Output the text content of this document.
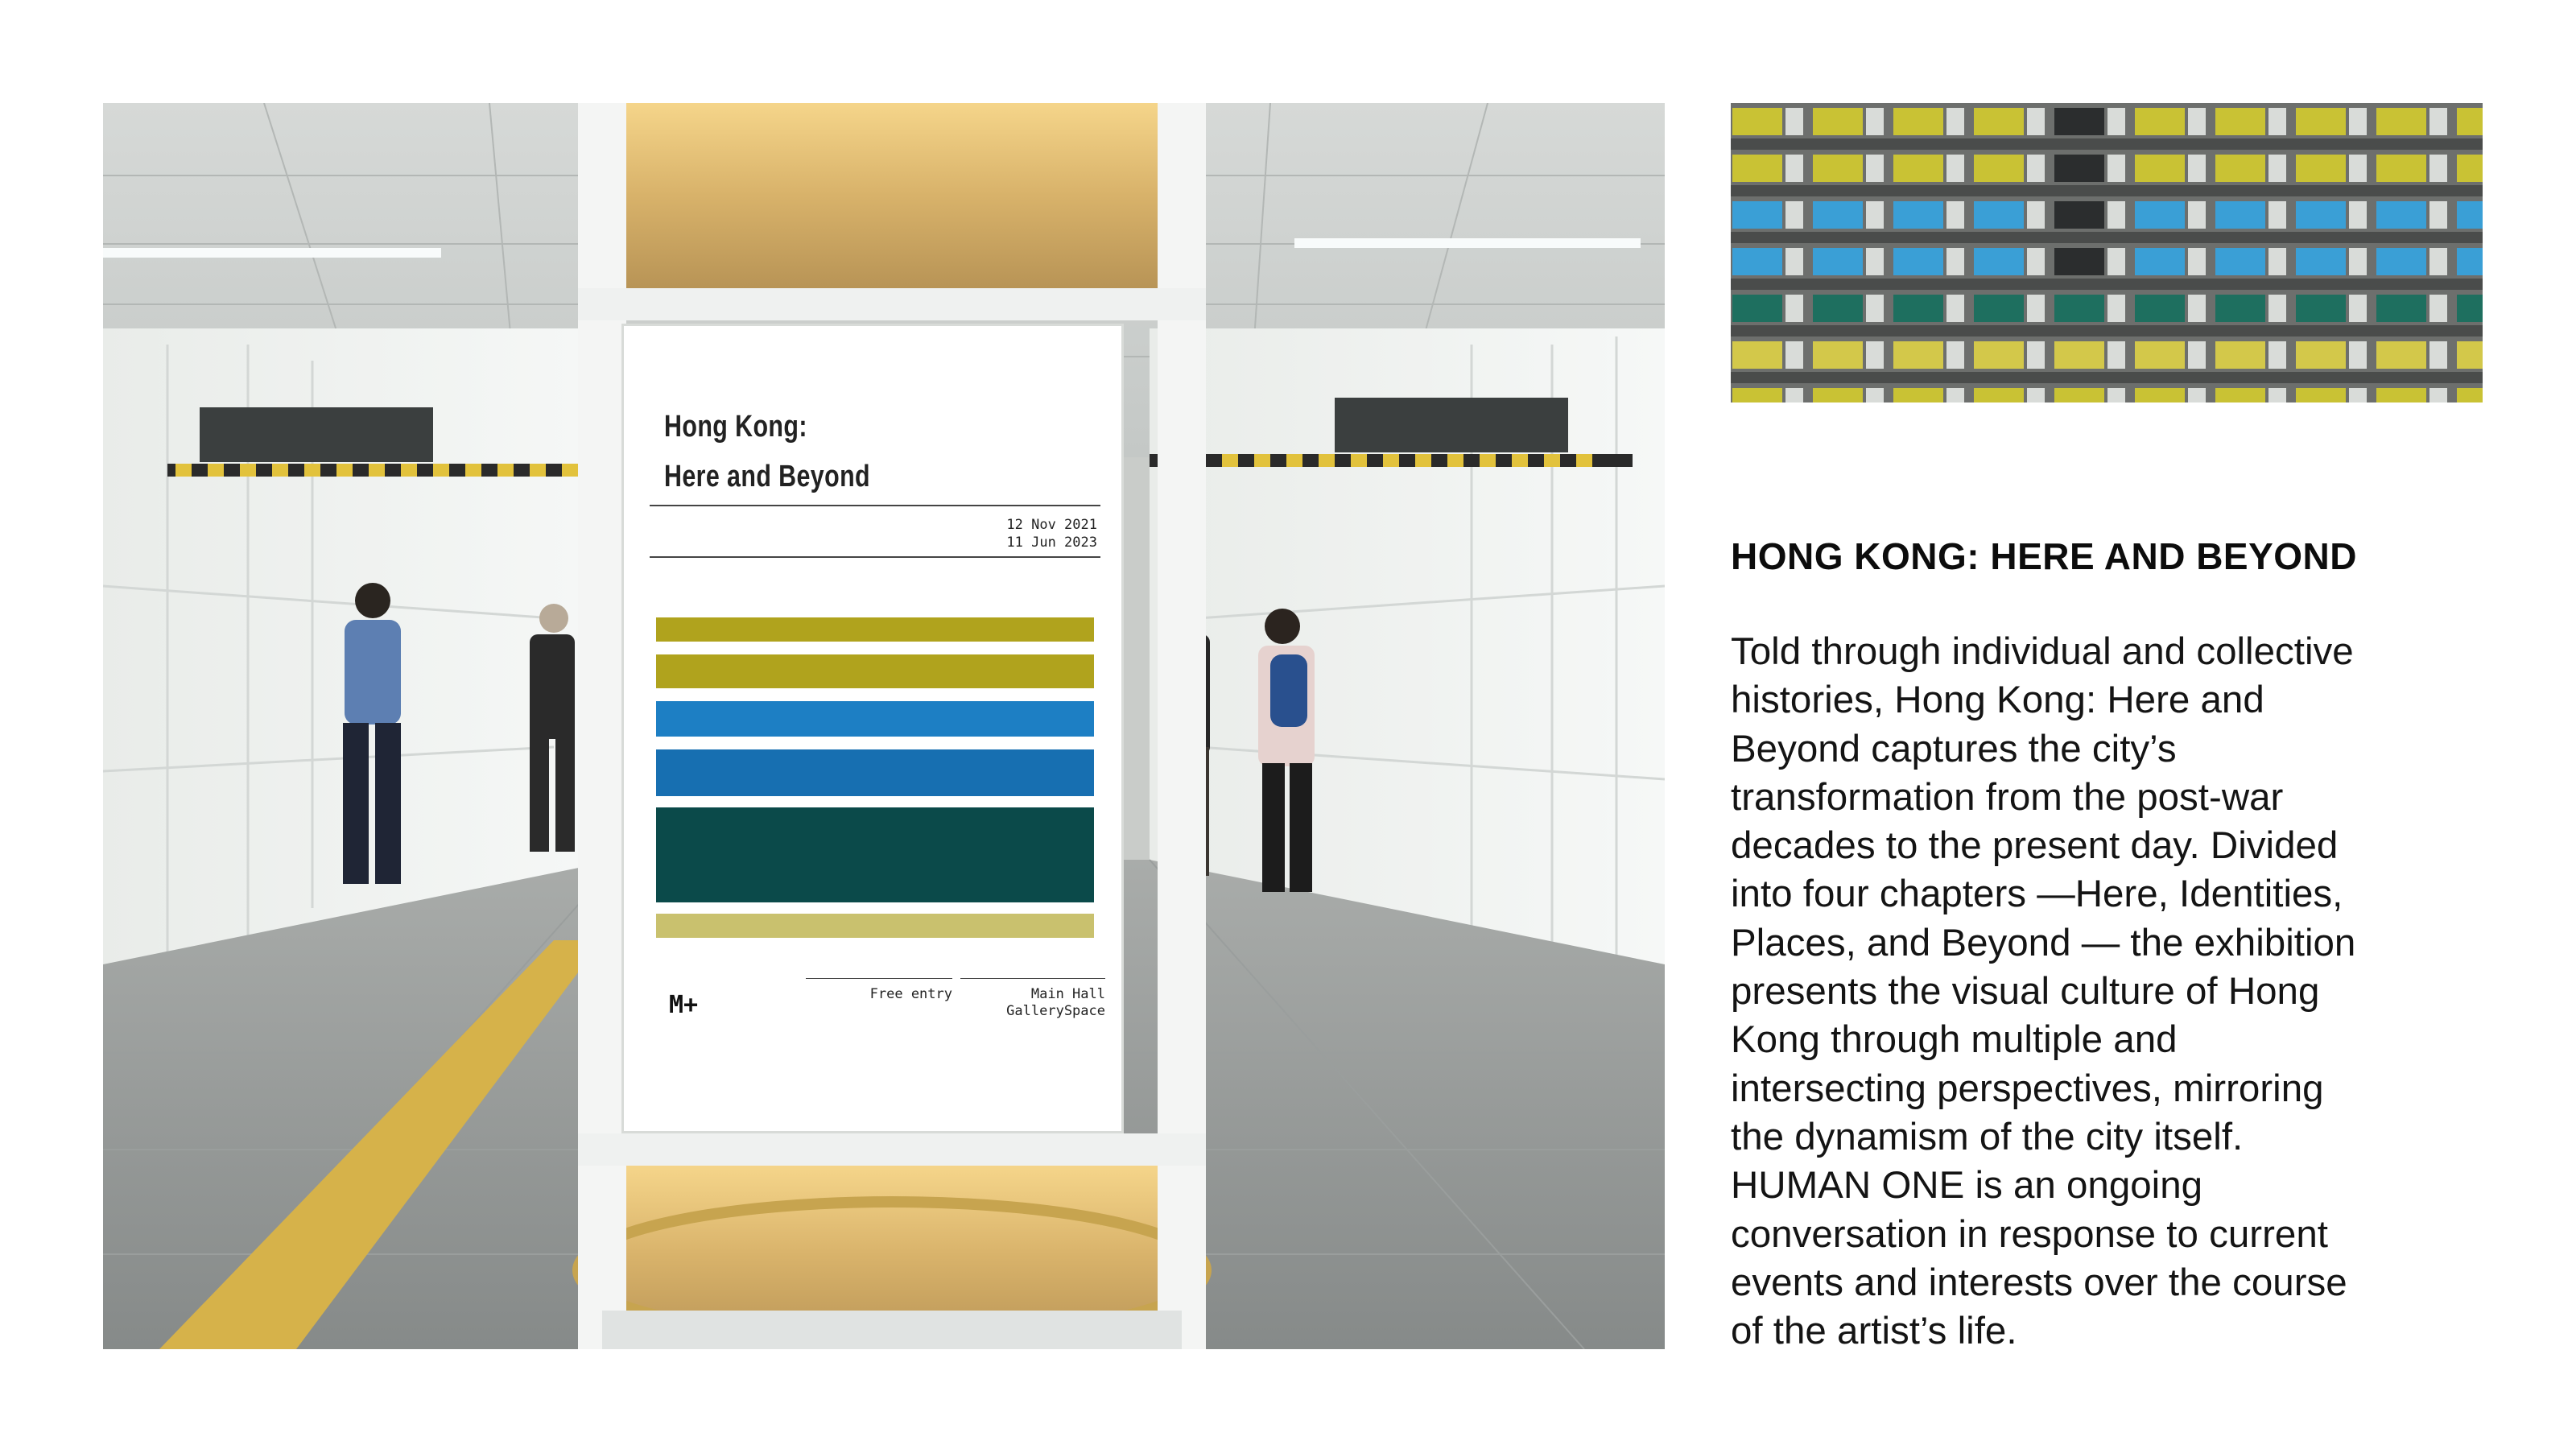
Hong Kong:
Here and Beyond
12 Nov 2021
11 Jun 2023
M+	Free entry	Main Hall
GallerySpace
HONG KONG: HERE AND BEYOND
Told through individual and collective
histories, Hong Kong: Here and
Beyond captures the city’s
transformation from the post-war
decades to the present day. Divided
into four chapters —Here, Identities,
Places, and Beyond — the exhibition
presents the visual culture of Hong
Kong through multiple and
intersecting perspectives, mirroring
the dynamism of the city itself.
HUMAN ONE is an ongoing
conversation in response to current
events and interests over the course
of the artist’s life.
